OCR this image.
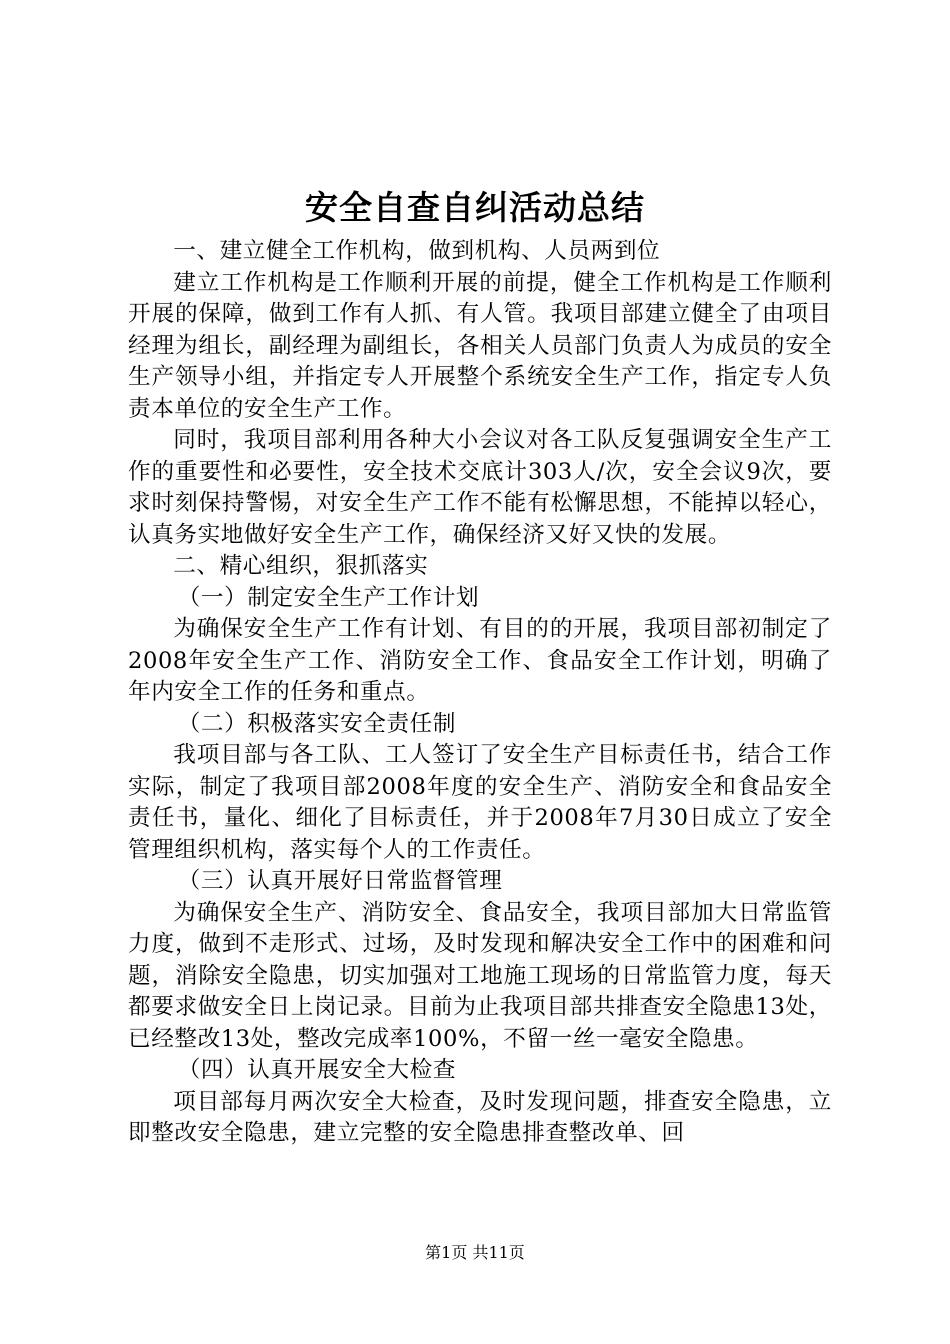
安全自查自纠活动总结

一、建立健全工作机构，做到机构、人员两到位

建立工作机构是工作顺利开展的前提，健全工作机构是工作顺利开展的保障，做到工作有人抓、有人管。我项目部建立健全了由项目经理为组长，副经理为副组长，各相关人员部门负责人为成员的安全生产领导小组，并指定专人开展整个系统安全生产工作，指定专人负责本单位的安全生产工作。

同时，我项目部利用各种大小会议对各工队反复强调安全生产工作的重要性和必要性，安全技术交底计303人/次，安全会议9次，要求时刻保持警惕，对安全生产工作不能有松懈思想，不能掉以轻心，认真务实地做好安全生产工作，确保经济又好又快的发展。

二、精心组织，狠抓落实

（一）制定安全生产工作计划

为确保安全生产工作有计划、有目的的开展，我项目部初制定了2008年安全生产工作、消防安全工作、食品安全工作计划，明确了年内安全工作的任务和重点。

（二）积极落实安全责任制

我项目部与各工队、工人签订了安全生产目标责任书，结合工作实际，制定了我项目部2008年度的安全生产、消防安全和食品安全责任书，量化、细化了目标责任，并于2008年7月30日成立了安全管理组织机构，落实每个人的工作责任。

（三）认真开展好日常监督管理

为确保安全生产、消防安全、食品安全，我项目部加大日常监管力度，做到不走形式、过场，及时发现和解决安全工作中的困难和问题，消除安全隐患，切实加强对工地施工现场的日常监管力度，每天都要求做安全日上岗记录。目前为止我项目部共排查安全隐患13处，已经整改13处，整改完成率100%，不留一丝一毫安全隐患。

（四）认真开展安全大检查

项目部每月两次安全大检查，及时发现问题，排查安全隐患，立即整改安全隐患，建立完整的安全隐患排查整改单、回

第1页 共11页
